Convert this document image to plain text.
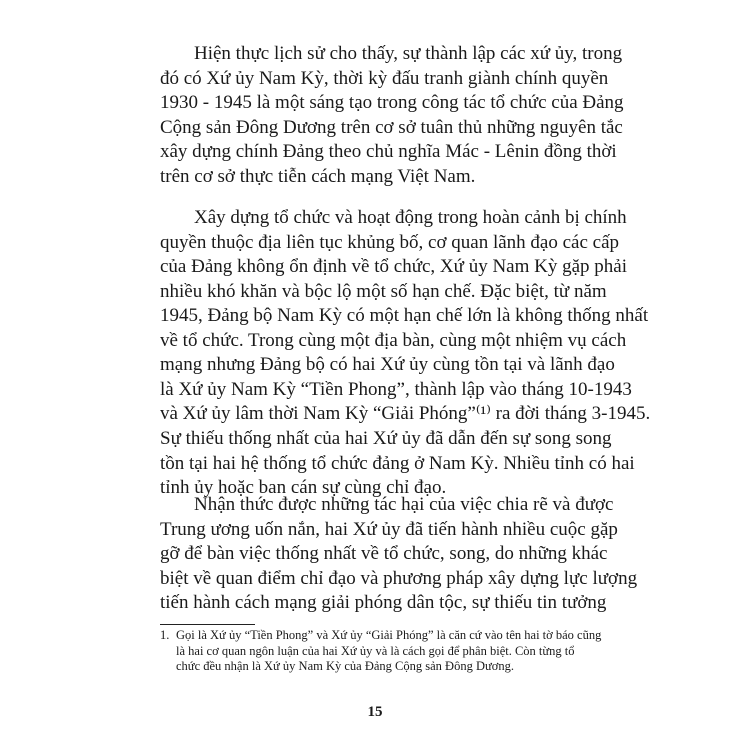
Hiện thực lịch sử cho thấy, sự thành lập các xứ ủy, trong
đó có Xứ ủy Nam Kỳ, thời kỳ đấu tranh giành chính quyền
1930 - 1945 là một sáng tạo trong công tác tổ chức của Đảng
Cộng sản Đông Dương trên cơ sở tuân thủ những nguyên tắc
xây dựng chính Đảng theo chủ nghĩa Mác - Lênin đồng thời
trên cơ sở thực tiễn cách mạng Việt Nam.
Xây dựng tổ chức và hoạt động trong hoàn cảnh bị chính
quyền thuộc địa liên tục khủng bố, cơ quan lãnh đạo các cấp
của Đảng không ổn định về tổ chức, Xứ ủy Nam Kỳ gặp phải
nhiều khó khăn và bộc lộ một số hạn chế. Đặc biệt, từ năm
1945, Đảng bộ Nam Kỳ có một hạn chế lớn là không thống nhất
về tổ chức. Trong cùng một địa bàn, cùng một nhiệm vụ cách
mạng nhưng Đảng bộ có hai Xứ ủy cùng tồn tại và lãnh đạo
là Xứ ủy Nam Kỳ “Tiền Phong”, thành lập vào tháng 10-1943
và Xứ ủy lâm thời Nam Kỳ “Giải Phóng”⁽¹⁾ ra đời tháng 3-1945.
Sự thiếu thống nhất của hai Xứ ủy đã dẫn đến sự song song
tồn tại hai hệ thống tổ chức đảng ở Nam Kỳ. Nhiều tỉnh có hai
tỉnh ủy hoặc ban cán sự cùng chỉ đạo.
Nhận thức được những tác hại của việc chia rẽ và được
Trung ương uốn nắn, hai Xứ ủy đã tiến hành nhiều cuộc gặp
gỡ để bàn việc thống nhất về tổ chức, song, do những khác
biệt về quan điểm chỉ đạo và phương pháp xây dựng lực lượng
tiến hành cách mạng giải phóng dân tộc, sự thiếu tin tưởng
1. Gọi là Xứ ủy “Tiền Phong” và Xứ ủy “Giải Phóng” là căn cứ vào tên hai tờ báo cũng
là hai cơ quan ngôn luận của hai Xứ ủy và là cách gọi để phân biệt. Còn từng tổ
chức đều nhận là Xứ ủy Nam Kỳ của Đảng Cộng sản Đông Dương.
15
